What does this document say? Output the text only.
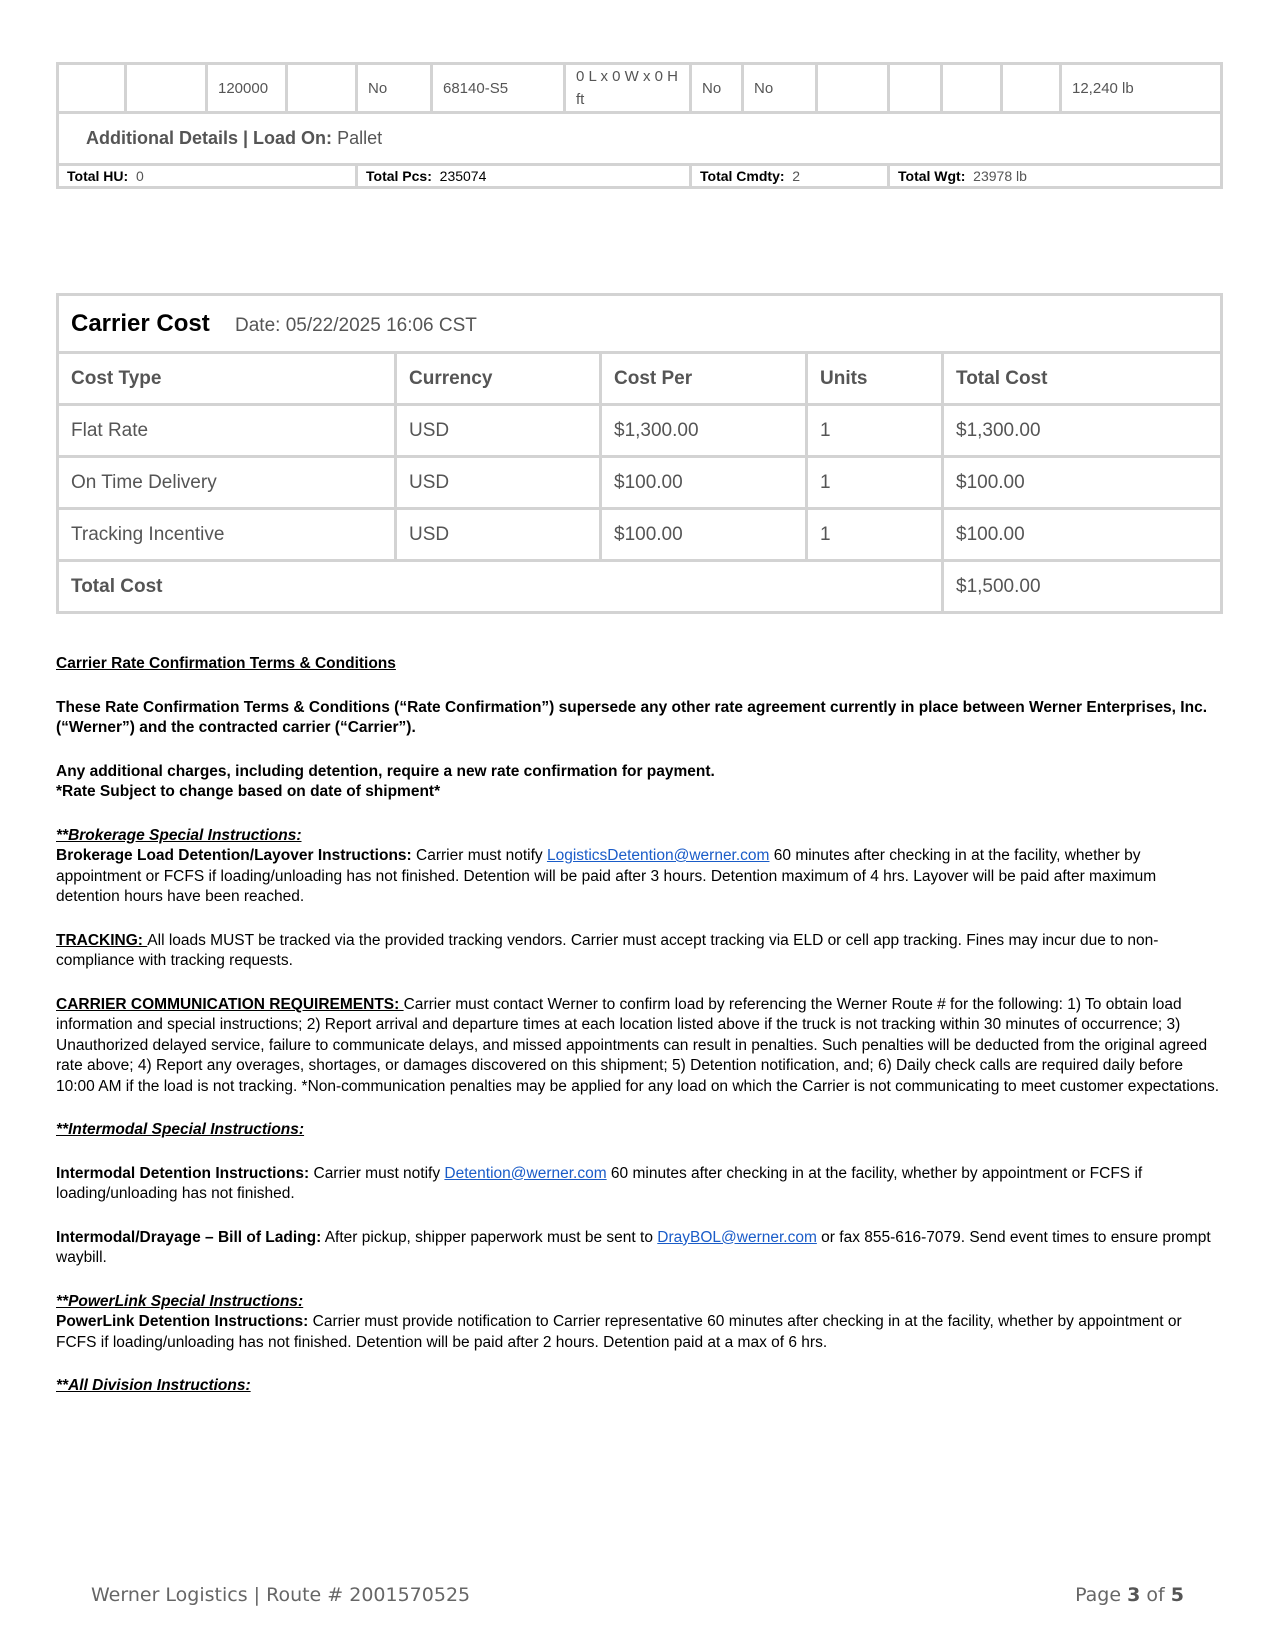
		120000		No	68140-S5	0 L x 0 W x 0 H ft	No	No					12,240 lb
Additional Details | Load On: Pallet													
Total HU: 0				Total Pcs: 235074			Total Cmdty: 2			Total Wgt: 23978 lb			
Carrier Cost Date: 05/22/2025 16:06 CST				
Cost Type	Currency	Cost Per	Units	Total Cost
Flat Rate	USD	$1,300.00	1	$1,300.00
On Time Delivery	USD	$100.00	1	$100.00
Tracking Incentive	USD	$100.00	1	$100.00
Total Cost				$1,500.00

Carrier Rate Confirmation Terms & Conditions

These Rate Confirmation Terms & Conditions (“Rate Confirmation”) supersede any other rate agreement currently in place between Werner Enterprises, Inc. (“Werner”) and the contracted carrier (“Carrier”).

Any additional charges, including detention, require a new rate confirmation for payment.
*Rate Subject to change based on date of shipment*

**Brokerage Special Instructions:
Brokerage Load Detention/Layover Instructions: Carrier must notify LogisticsDetention@werner.com 60 minutes after checking in at the facility, whether by appointment or FCFS if loading/unloading has not finished. Detention will be paid after 3 hours. Detention maximum of 4 hrs. Layover will be paid after maximum detention hours have been reached.

TRACKING: All loads MUST be tracked via the provided tracking vendors. Carrier must accept tracking via ELD or cell app tracking. Fines may incur due to non-compliance with tracking requests.

CARRIER COMMUNICATION REQUIREMENTS: Carrier must contact Werner to confirm load by referencing the Werner Route # for the following: 1) To obtain load information and special instructions; 2) Report arrival and departure times at each location listed above if the truck is not tracking within 30 minutes of occurrence; 3) Unauthorized delayed service, failure to communicate delays, and missed appointments can result in penalties. Such penalties will be deducted from the original agreed rate above; 4) Report any overages, shortages, or damages discovered on this shipment; 5) Detention notification, and; 6) Daily check calls are required daily before 10:00 AM if the load is not tracking. *Non-communication penalties may be applied for any load on which the Carrier is not communicating to meet customer expectations.

**Intermodal Special Instructions:

Intermodal Detention Instructions: Carrier must notify Detention@werner.com 60 minutes after checking in at the facility, whether by appointment or FCFS if loading/unloading has not finished.

Intermodal/Drayage – Bill of Lading: After pickup, shipper paperwork must be sent to DrayBOL@werner.com or fax 855-616-7079. Send event times to ensure prompt waybill.

**PowerLink Special Instructions:
PowerLink Detention Instructions: Carrier must provide notification to Carrier representative 60 minutes after checking in at the facility, whether by appointment or FCFS if loading/unloading has not finished. Detention will be paid after 2 hours. Detention paid at a max of 6 hrs.

**All Division Instructions:

Werner Logistics | Route # 2001570525	Page 3 of 5
